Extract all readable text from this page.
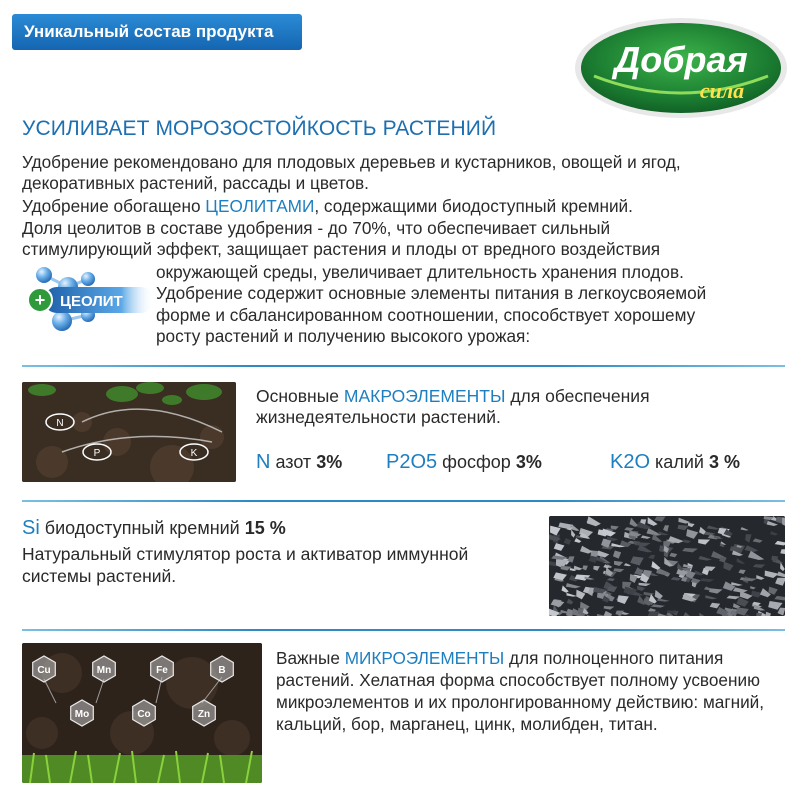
Уникальный состав продукта
Добрая
сила
УСИЛИВАЕТ МОРОЗОСТОЙКОСТЬ РАСТЕНИЙ
Удобрение рекомендовано для плодовых деревьев и кустарников, овощей и ягод,
декоративных растений, рассады и цветов.
Удобрение обогащено ЦЕОЛИТАМИ, содержащими биодоступный кремний.
Доля цеолитов в составе удобрения - до 70%, что обеспечивает сильный
стимулирующий эффект, защищает растения и плоды от вредного воздействия
окружающей среды, увеличивает длительность хранения плодов.
Удобрение содержит основные элементы питания в легкоусвояемой
форме и сбалансированном соотношении, способствует хорошему
росту растений и получению высокого урожая:
+ ЦЕОЛИТ
N
P	K
Основные МАКРОЭЛЕМЕНТЫ для обеспечения
жизнедеятельности растений.
N азот 3% P2O5 фосфор 3%	K2O калий 3 %
Si биодоступный кремний 15 %
Натуральный стимулятор роста и активатор иммунной
системы растений.
Cu	Mn	Fe	B
Mo	Co	Zn
Важные МИКРОЭЛЕМЕНТЫ для полноценного питания
растений. Хелатная форма способствует полному усвоению
микроэлементов и их пролонгированному действию: магний,
кальций, бор, марганец, цинк, молибден, титан.
